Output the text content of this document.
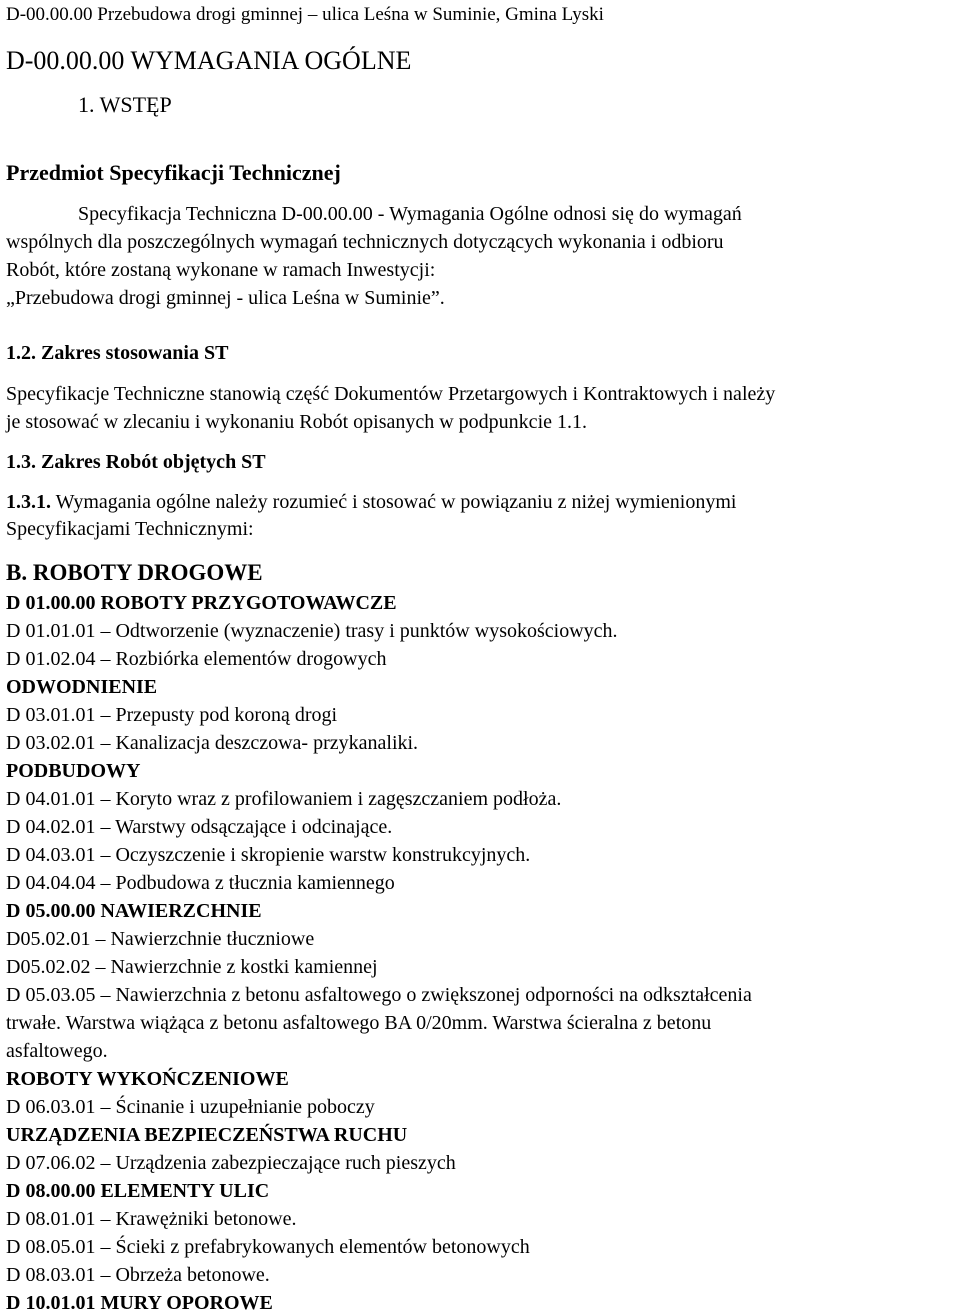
D-00.00.00 Przebudowa drogi gminnej – ulica Leśna w Suminie, Gmina Lyski
D-00.00.00 WYMAGANIA OGÓLNE
1. WSTĘP
Przedmiot Specyfikacji Technicznej
Specyfikacja Techniczna D-00.00.00 - Wymagania Ogólne odnosi się do wymagań
wspólnych dla poszczególnych wymagań technicznych dotyczących wykonania i odbioru
Robót, które zostaną wykonane w ramach Inwestycji:
„Przebudowa drogi gminnej - ulica Leśna w Suminie”.
1.2. Zakres stosowania ST
Specyfikacje Techniczne stanowią część Dokumentów Przetargowych i Kontraktowych i należy
je stosować w zlecaniu i wykonaniu Robót opisanych w podpunkcie 1.1.
1.3. Zakres Robót objętych ST
1.3.1. Wymagania ogólne należy rozumieć i stosować w powiązaniu z niżej wymienionymi
Specyfikacjami Technicznymi:
B. ROBOTY DROGOWE
D 01.00.00 ROBOTY PRZYGOTOWAWCZE
D 01.01.01 – Odtworzenie (wyznaczenie) trasy i punktów wysokościowych.
D 01.02.04 – Rozbiórka elementów drogowych
ODWODNIENIE
D 03.01.01 – Przepusty pod koroną drogi
D 03.02.01 – Kanalizacja deszczowa- przykanaliki.
PODBUDOWY
D 04.01.01 – Koryto wraz z profilowaniem i zagęszczaniem podłoża.
D 04.02.01 – Warstwy odsączające i odcinające.
D 04.03.01 – Oczyszczenie i skropienie warstw konstrukcyjnych.
D 04.04.04 – Podbudowa z tłucznia kamiennego
D 05.00.00 NAWIERZCHNIE
D05.02.01 – Nawierzchnie tłuczniowe
D05.02.02 – Nawierzchnie z kostki kamiennej
D 05.03.05 – Nawierzchnia z betonu asfaltowego o zwiększonej odporności na odkształcenia
trwałe. Warstwa wiążąca z betonu asfaltowego BA 0/20mm. Warstwa ścieralna z betonu
asfaltowego.
ROBOTY WYKOŃCZENIOWE
D 06.03.01 – Ścinanie i uzupełnianie poboczy
URZĄDZENIA BEZPIECZEŃSTWA RUCHU
D 07.06.02 – Urządzenia zabezpieczające ruch pieszych
D 08.00.00 ELEMENTY ULIC
D 08.01.01 – Krawężniki betonowe.
D 08.05.01 – Ścieki z prefabrykowanych elementów betonowych
D 08.03.01 – Obrzeża betonowe.
D 10.01.01 MURY OPOROWE
